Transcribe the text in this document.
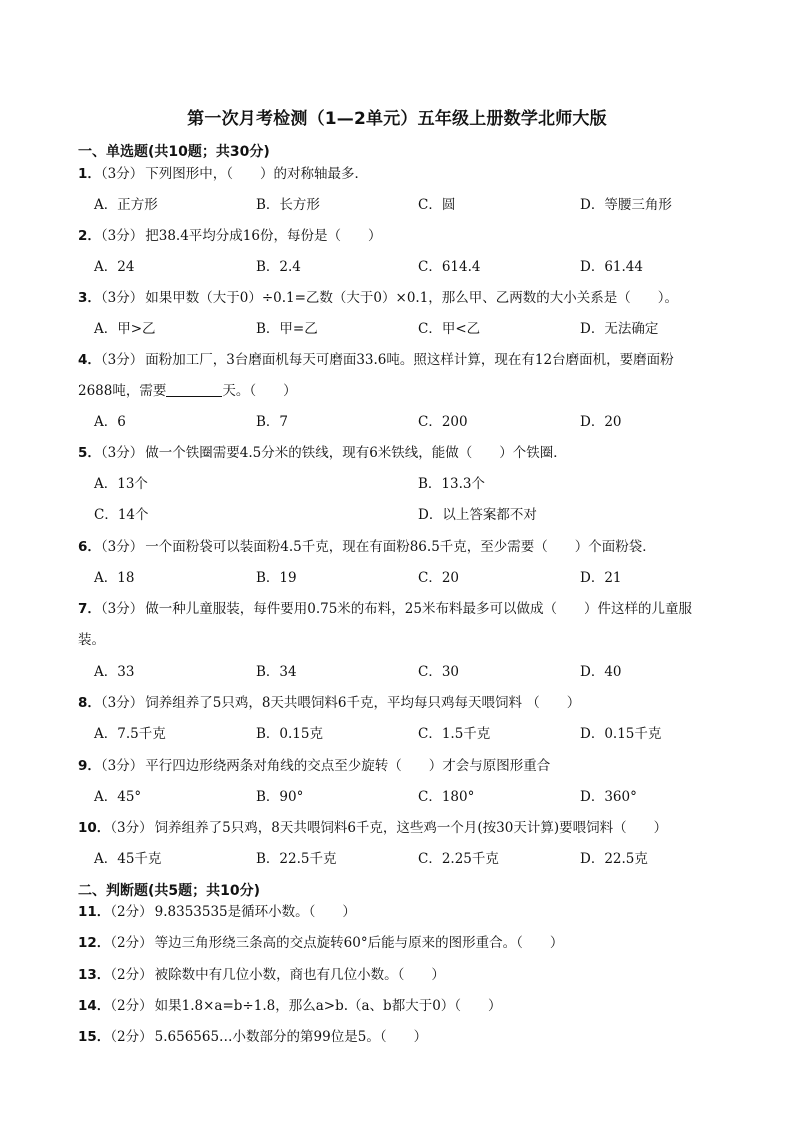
第一次月考检测（1—2单元）五年级上册数学北师大版
一、单选题(共10题；共30分)
1．（3分） 下列图形中，（　　）的对称轴最多．
A．正方形	B．长方形	C．圆	D．等腰三角形
2．（3分） 把38.4平均分成16份，每份是（　　）
A．24	B．2.4	C．614.4	D．61.44
3．（3分） 如果甲数（大于0）÷0.1=乙数（大于0）×0.1，那么甲、乙两数的大小关系是（　　）。
A．甲>乙	B．甲=乙	C．甲<乙	D．无法确定
4．（3分） 面粉加工厂，3台磨面机每天可磨面33.6吨。照这样计算，现在有12台磨面机，要磨面粉
2688吨，需要	天。（　　）
A．6	B．7	C．200	D．20
5．（3分） 做一个铁圈需要4.5分米的铁线，现有6米铁线，能做（　　）个铁圈．
A．13个	B．13.3个
C．14个	D．以上答案都不对
6．（3分） 一个面粉袋可以装面粉4.5千克，现在有面粉86.5千克，至少需要（　　）个面粉袋．
A．18	B．19	C．20	D．21
7．（3分） 做一种儿童服装，每件要用0.75米的布料，25米布料最多可以做成（　　）件这样的儿童服
装。
A．33	B．34	C．30	D．40
8．（3分） 饲养组养了5只鸡，8天共喂饲料6千克，平均每只鸡每天喂饲料 （　　）
A．7.5千克	B．0.15克	C．1.5千克	D．0.15千克
9．（3分） 平行四边形绕两条对角线的交点至少旋转（　　）才会与原图形重合
A．45°	B．90°	C．180°	D．360°
10．（3分） 饲养组养了5只鸡，8天共喂饲料6千克，这些鸡一个月(按30天计算)要喂饲料（　　）
A．45千克	B．22.5千克	C．2.25千克	D．22.5克
二、判断题(共5题；共10分)
11．（2分） 9.8353535是循环小数。（　　）
12．（2分） 等边三角形绕三条高的交点旋转60°后能与原来的图形重合。（　　）
13．（2分） 被除数中有几位小数，商也有几位小数。（　　）
14．（2分） 如果1.8×a=b÷1.8，那么a>b.（a、b都大于0）（　　）
15．（2分） 5.656565…小数部分的第99位是5。（　　）
